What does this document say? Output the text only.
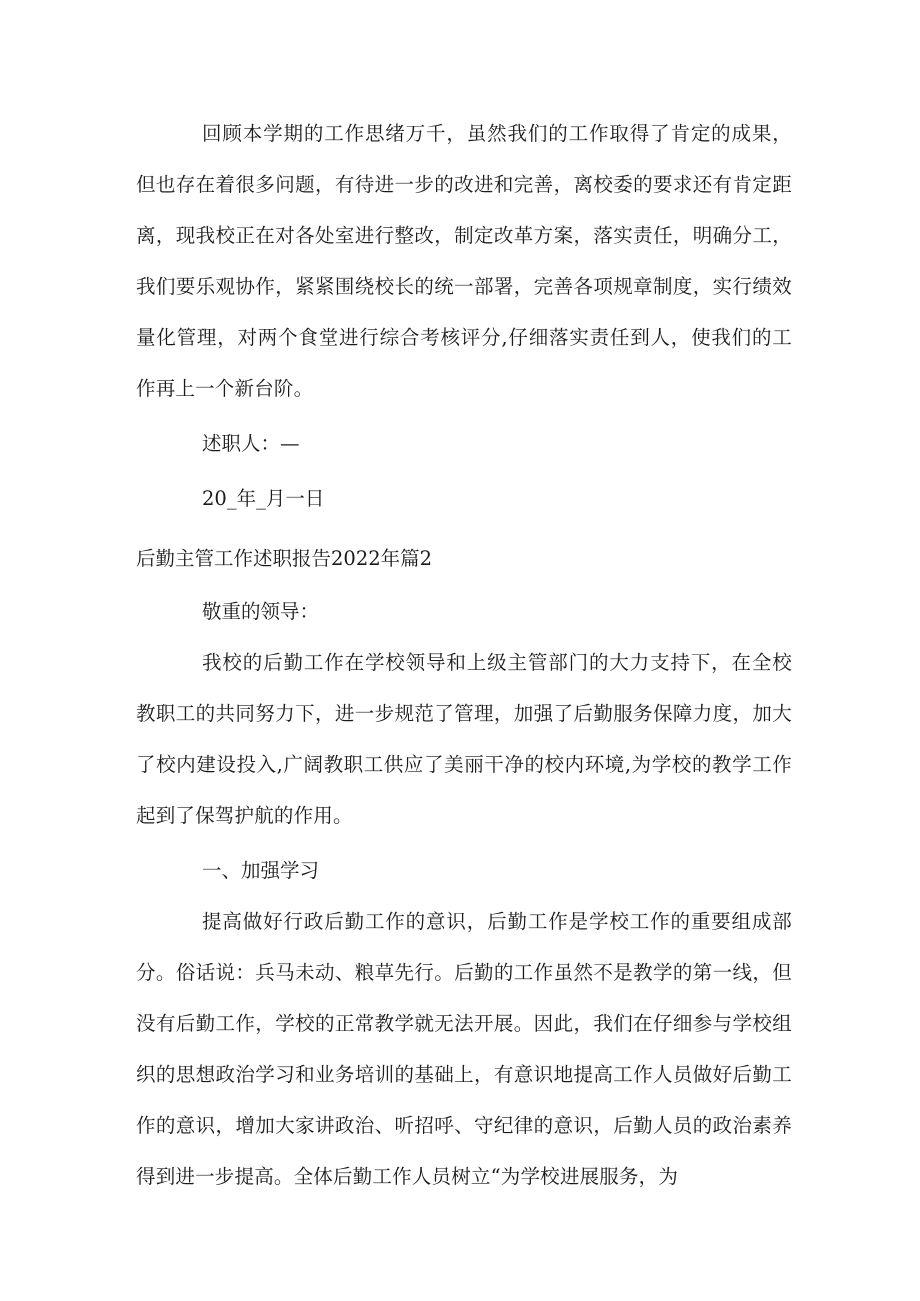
回顾本学期的工作思绪万千，虽然我们的工作取得了肯定的成果，但也存在着很多问题，有待进一步的改进和完善，离校委的要求还有肯定距离，现我校正在对各处室进行整改，制定改革方案，落实责任，明确分工，我们要乐观协作，紧紧围绕校长的统一部署，完善各项规章制度，实行绩效量化管理，对两个食堂进行综合考核评分,仔细落实责任到人，使我们的工作再上一个新台阶。

述职人：—

20_年_月一日

后勤主管工作述职报告2022年篇2

敬重的领导：

我校的后勤工作在学校领导和上级主管部门的大力支持下，在全校教职工的共同努力下，进一步规范了管理，加强了后勤服务保障力度，加大了校内建设投入,广阔教职工供应了美丽干净的校内环境,为学校的教学工作起到了保驾护航的作用。

一、加强学习

提高做好行政后勤工作的意识，后勤工作是学校工作的重要组成部分。俗话说：兵马未动、粮草先行。后勤的工作虽然不是教学的第一线，但没有后勤工作，学校的正常教学就无法开展。因此，我们在仔细参与学校组织的思想政治学习和业务培训的基础上，有意识地提高工作人员做好后勤工作的意识，增加大家讲政治、听招呼、守纪律的意识，后勤人员的政治素养得到进一步提高。全体后勤工作人员树立“为学校进展服务，为
